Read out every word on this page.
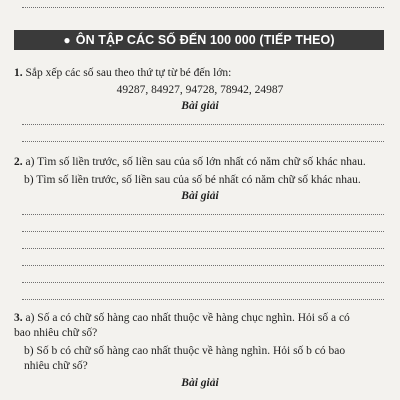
● ÔN TẬP CÁC SỐ ĐẾN 100 000 (TIẾP THEO)
1. Sắp xếp các số sau theo thứ tự từ bé đến lớn:
49287, 84927, 94728, 78942, 24987
Bài giải
2. a) Tìm số liền trước, số liền sau của số lớn nhất có năm chữ số khác nhau.
b) Tìm số liền trước, số liền sau của số bé nhất có năm chữ số khác nhau.
Bài giải
3. a) Số a có chữ số hàng cao nhất thuộc về hàng chục nghìn. Hỏi số a có bao nhiêu chữ số?
b) Số b có chữ số hàng cao nhất thuộc về hàng nghìn. Hỏi số b có bao nhiêu chữ số?
Bài giải
